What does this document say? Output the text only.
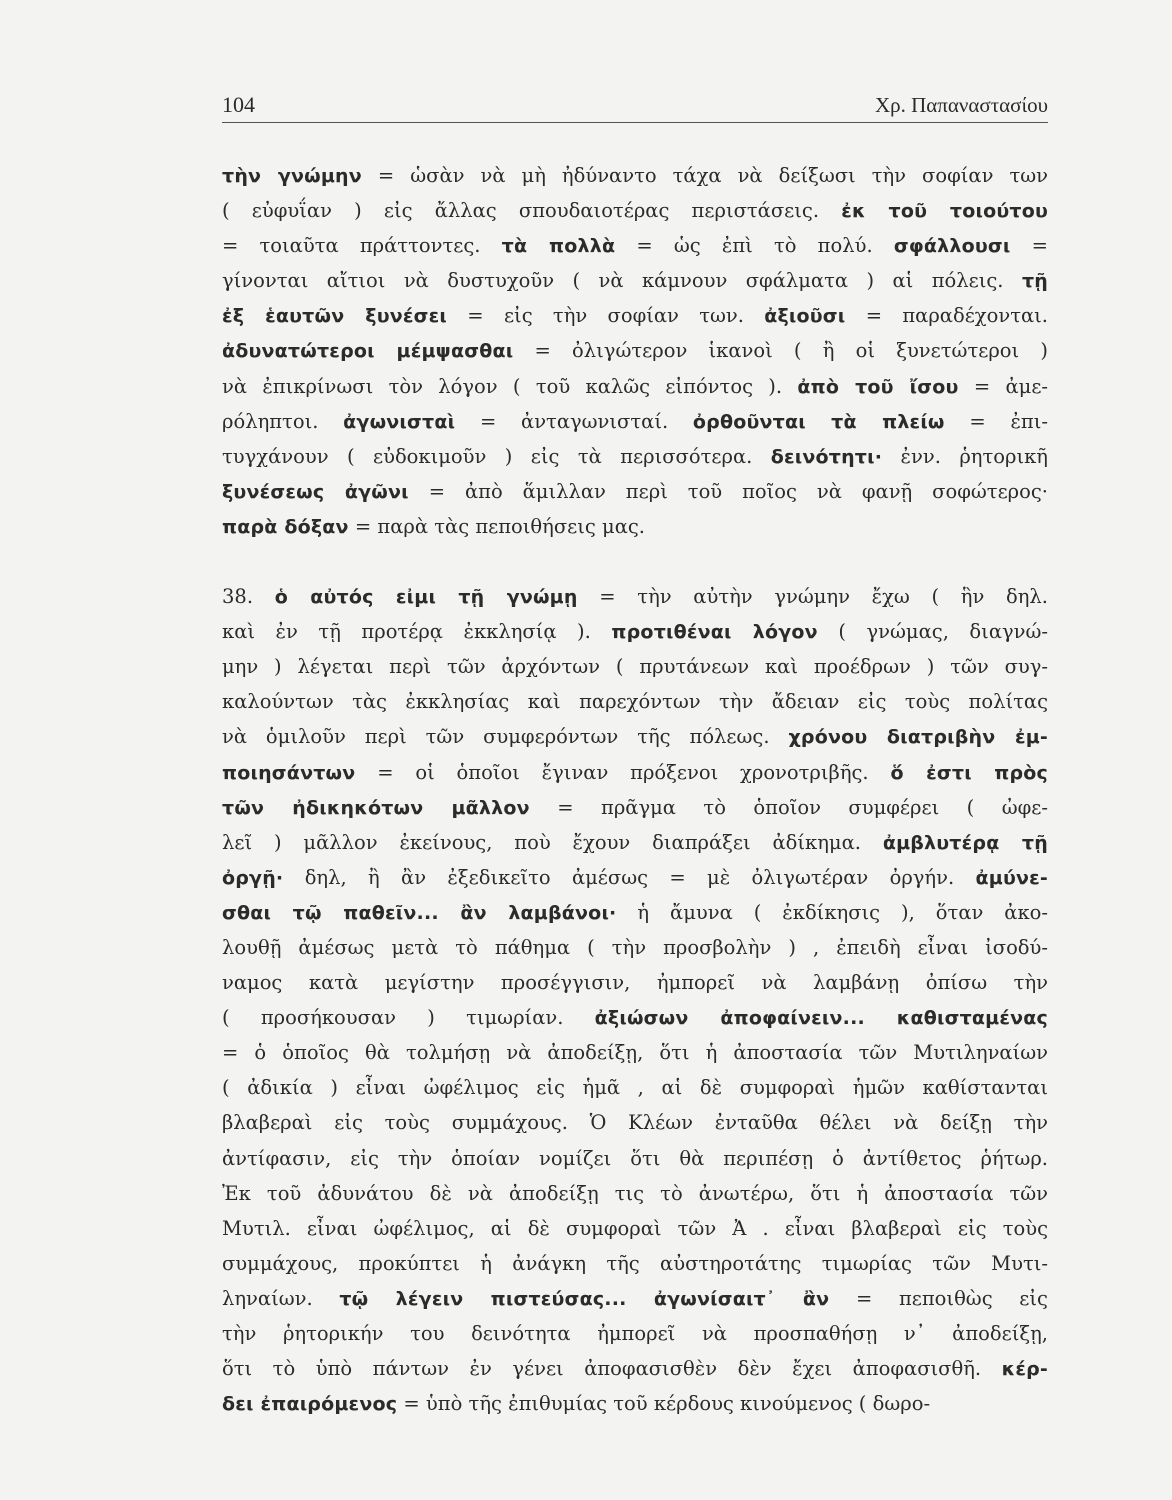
104	Χρ. Παπαναστασίου
τὴν γνώμην = ὡσὰν νὰ μὴ ἠδύναντο τάχα νὰ δείξωσι τὴν σοφίαν των
( εὐφυΐαν ) εἰς ἄλλας σπουδαιοτέρας περιστάσεις. ἐκ τοῦ τοιούτου
= τοιαῦτα πράττοντες. τὰ πολλὰ = ὡς ἐπὶ τὸ πολύ. σφάλλουσι =
γίνονται αἴτιοι νὰ δυστυχοῦν ( νὰ κάμνουν σφάλματα ) αἱ πόλεις. τῇ
ἐξ ἑαυτῶν ξυνέσει = εἰς τὴν σοφίαν των. ἀξιοῦσι = παραδέχονται.
ἀδυνατώτεροι μέμψασθαι = ὀλιγώτερον ἱκανοὶ ( ἢ οἱ ξυνετώτεροι )
νὰ ἐπικρίνωσι τὸν λόγον ( τοῦ καλῶς εἰπόντος ). ἀπὸ τοῦ ἴσου = ἀμε-
ρόληπτοι. ἀγωνισταὶ = ἀνταγωνισταί. ὀρθοῦνται τὰ πλείω = ἐπι-
τυγχάνουν ( εὐδοκιμοῦν ) εἰς τὰ περισσότερα. δεινότητι· ἐνν. ῥητορικῆ
ξυνέσεως ἀγῶνι = ἀπὸ ἅμιλλαν περὶ τοῦ ποῖος νὰ φανῇ σοφώτερος·
παρὰ δόξαν = παρὰ τὰς πεποιθήσεις μας.
38. ὁ αὐτός εἰμι τῇ γνώμῃ = τὴν αὐτὴν γνώμην ἔχω ( ἣν δηλ.
καὶ ἐν τῇ προτέρᾳ ἐκκλησίᾳ ). προτιθέναι λόγον ( γνώμας, διαγνώ-
μην ) λέγεται περὶ τῶν ἀρχόντων ( πρυτάνεων καὶ προέδρων ) τῶν συγ-
καλούντων τὰς ἐκκλησίας καὶ παρεχόντων τὴν ἄδειαν εἰς τοὺς πολίτας
νὰ ὁμιλοῦν περὶ τῶν συμφερόντων τῆς πόλεως. χρόνου διατριβὴν ἐμ-
ποιησάντων = οἱ ὁποῖοι ἔγιναν πρόξενοι χρονοτριβῆς. ὅ ἐστι πρὸς
τῶν ἠδικηκότων μᾶλλον = πρᾶγμα τὸ ὁποῖον συμφέρει ( ὠφε-
λεῖ ) μᾶλλον ἐκείνους, ποὺ ἔχουν διαπράξει ἀδίκημα. ἀμβλυτέρᾳ τῇ
ὀργῇ· δηλ, ἢ ἂν ἐξεδικεῖτο ἀμέσως = μὲ ὀλιγωτέραν ὀργήν. ἀμύνε-
σθαι τῷ παθεῖν... ἂν λαμβάνοι· ἡ ἄμυνα ( ἐκδίκησις ), ὅταν ἀκο-
λουθῇ ἀμέσως μετὰ τὸ πάθημα ( τὴν προσβολὴν ) , ἐπειδὴ εἶναι ἰσοδύ-
ναμος κατὰ μεγίστην προσέγγισιν, ἠμπορεῖ νὰ λαμβάνῃ ὀπίσω τὴν
( προσήκουσαν ) τιμωρίαν. ἀξιώσων ἀποφαίνειν... καθισταμένας
= ὁ ὁποῖος θὰ τολμήσῃ νὰ ἀποδείξῃ, ὅτι ἡ ἀποστασία τῶν Μυτιληναίων
( ἀδικία ) εἶναι ὠφέλιμος εἰς ἡμᾶ , αἱ δὲ συμφοραὶ ἡμῶν καθίστανται
βλαβεραὶ εἰς τοὺς συμμάχους. Ὁ Κλέων ἐνταῦθα θέλει νὰ δείξῃ τὴν
ἀντίφασιν, εἰς τὴν ὁποίαν νομίζει ὅτι θὰ περιπέσῃ ὁ ἀντίθετος ῥήτωρ.
Ἐκ τοῦ ἀδυνάτου δὲ νὰ ἀποδείξῃ τις τὸ ἀνωτέρω, ὅτι ἡ ἀποστασία τῶν
Μυτιλ. εἶναι ὠφέλιμος, αἱ δὲ συμφοραὶ τῶν Ἀ . εἶναι βλαβεραὶ εἰς τοὺς
συμμάχους, προκύπτει ἡ ἀνάγκη τῆς αὐστηροτάτης τιμωρίας τῶν Μυτι-
ληναίων. τῷ λέγειν πιστεύσας... ἀγωνίσαιτ᾽ ἂν = πεποιθὼς εἰς
τὴν ῥητορικήν του δεινότητα ἠμπορεῖ νὰ προσπαθήσῃ ν᾽ ἀποδείξῃ,
ὅτι τὸ ὑπὸ πάντων ἐν γένει ἀποφασισθὲν δὲν ἔχει ἀποφασισθῆ. κέρ-
δει ἐπαιρόμενος = ὑπὸ τῆς ἐπιθυμίας τοῦ κέρδους κινούμενος ( δωρο-
